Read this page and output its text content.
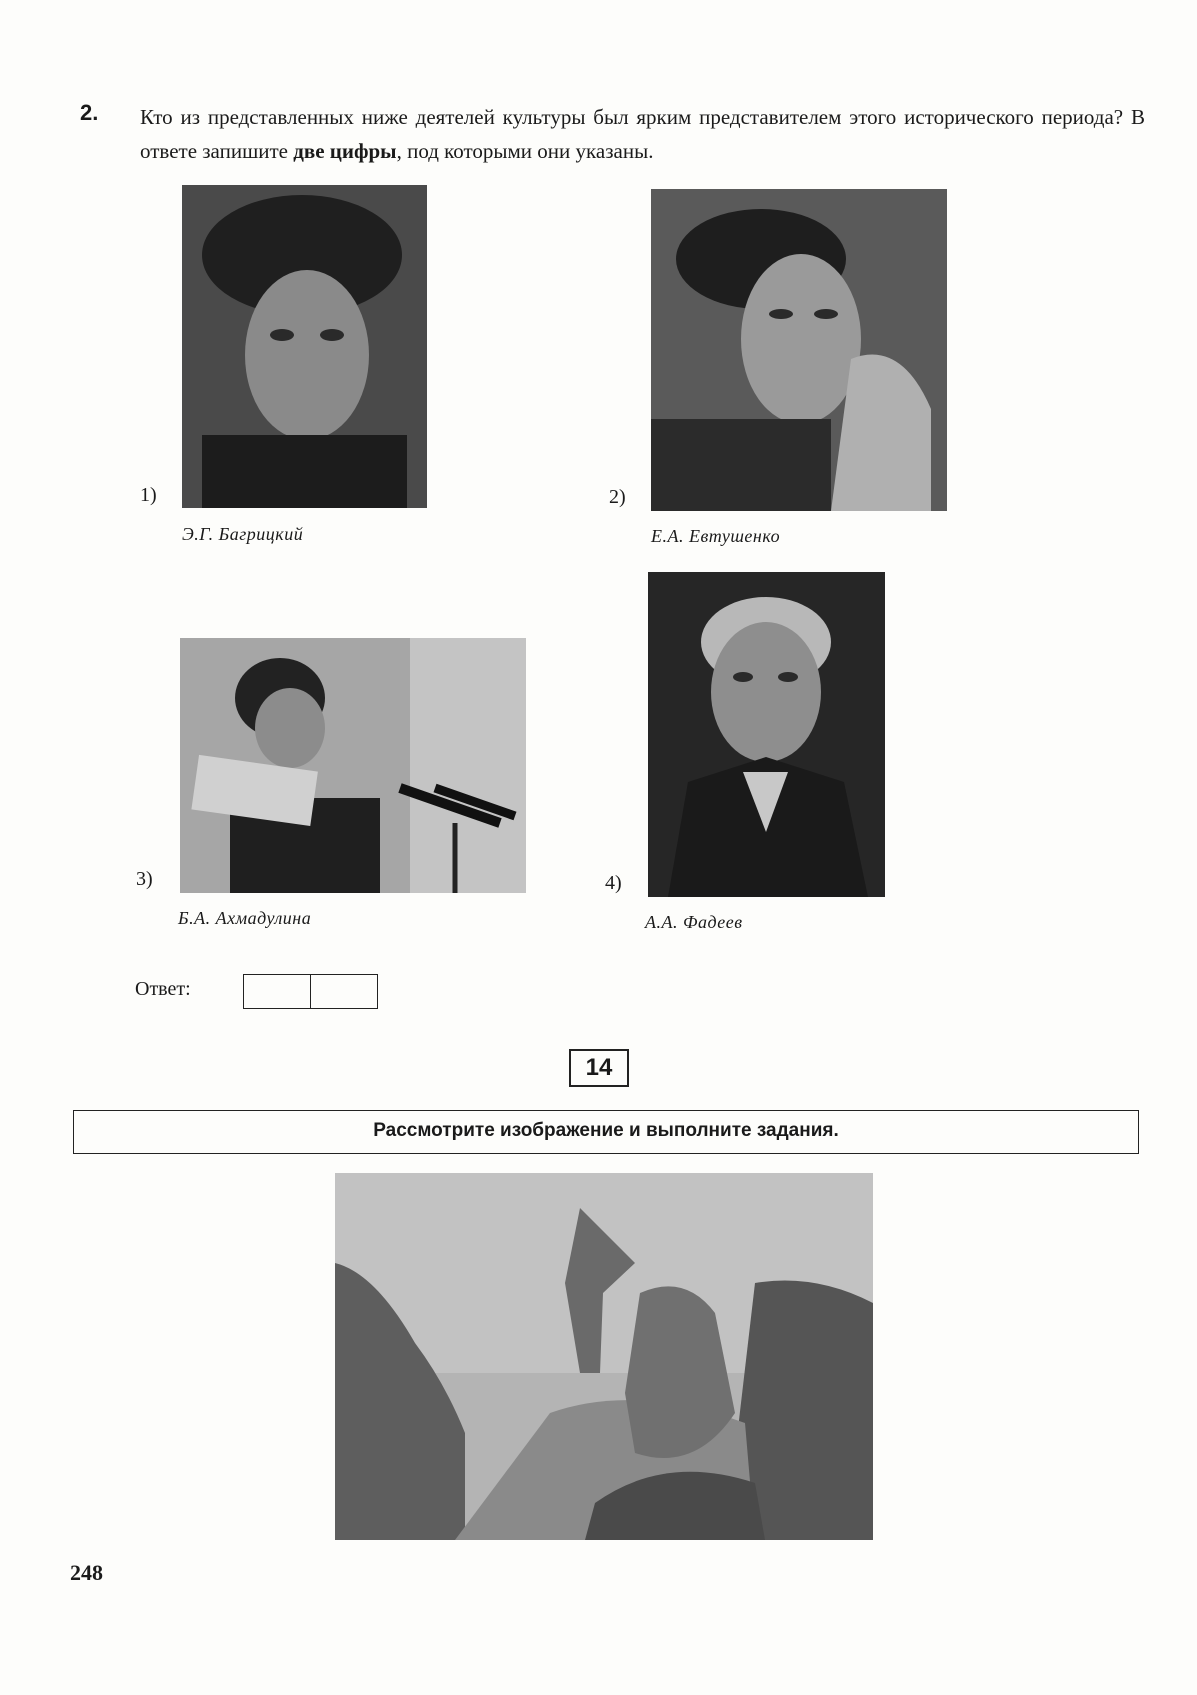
2. Кто из представленных ниже деятелей культуры был ярким представителем этого исторического периода? В ответе запишите две цифры, под которыми они указаны.
1)
Э.Г. Багрицкий
2)
Е.А. Евтушенко
3)
Б.А. Ахмадулина
4)
А.А. Фадеев
Ответ:
14
Рассмотрите изображение и выполните задания.
248
